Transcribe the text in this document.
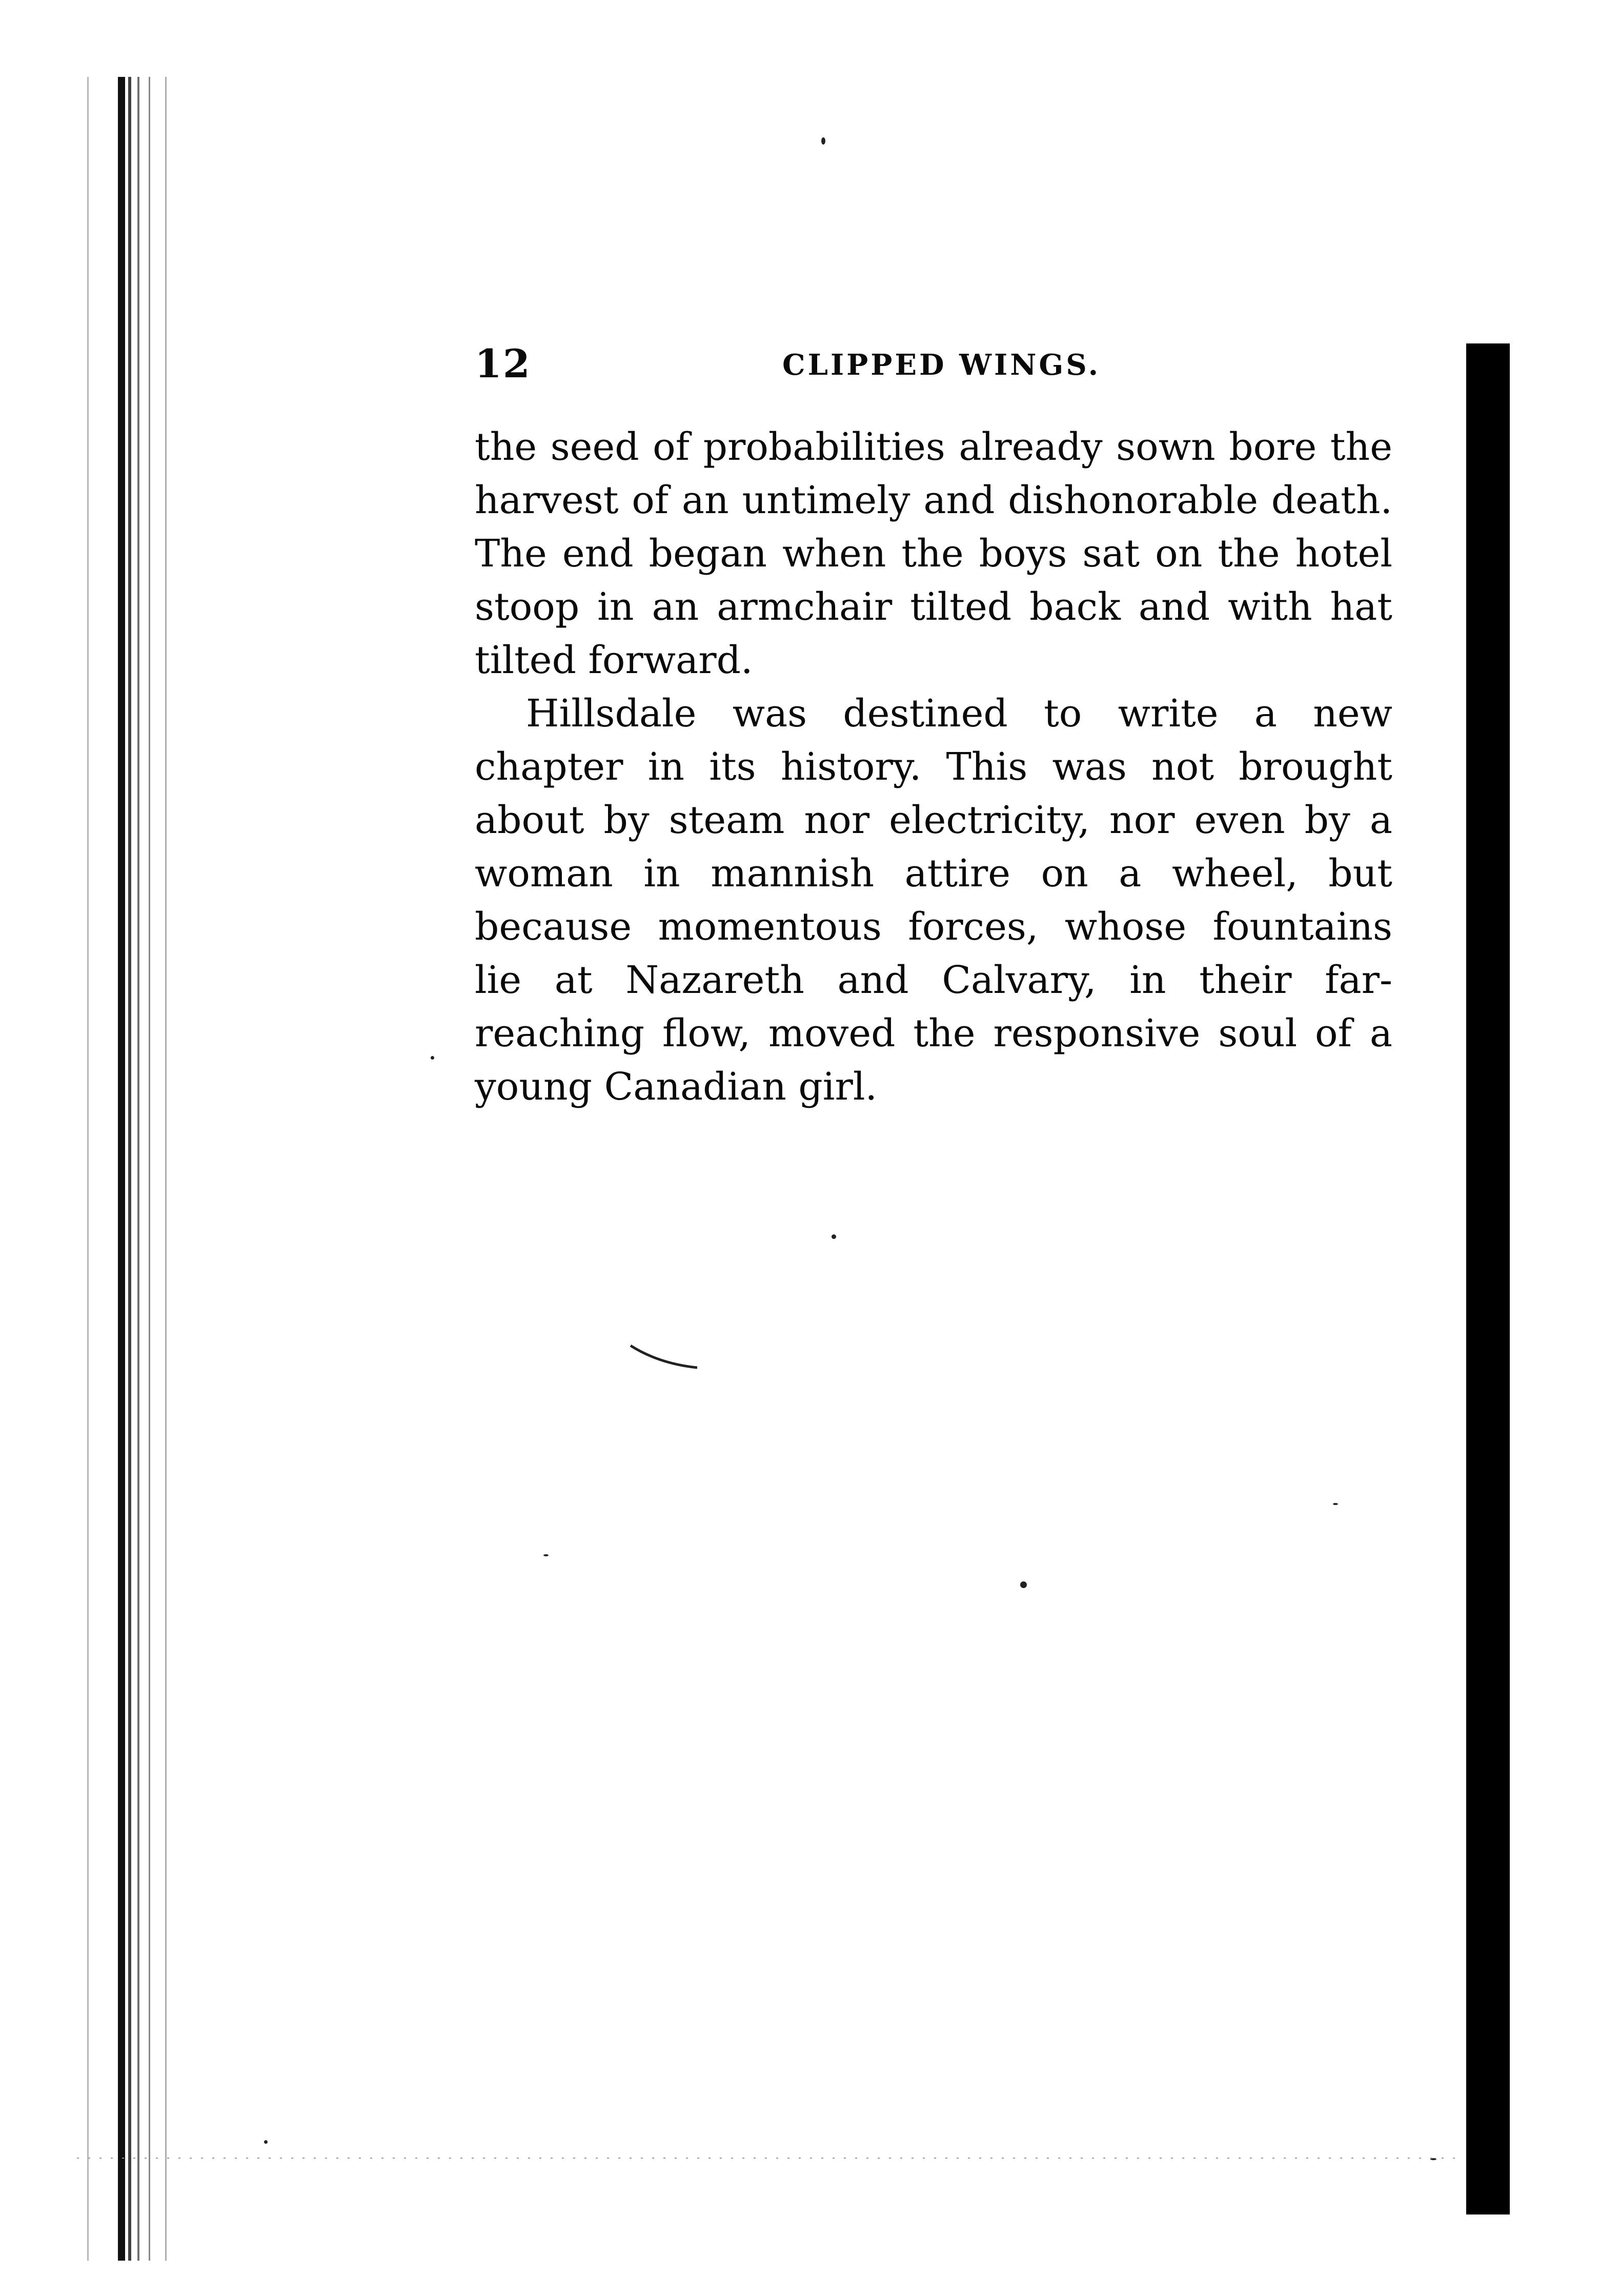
12	CLIPPED WINGS.

the seed of probabilities already sown bore the harvest of an untimely and dishonorable death. The end began when the boys sat on the hotel stoop in an armchair tilted back and with hat tilted forward.

Hillsdale was destined to write a new chapter in its history. This was not brought about by steam nor electricity, nor even by a woman in mannish attire on a wheel, but because momentous forces, whose fountains lie at Nazareth and Calvary, in their far-reaching flow, moved the responsive soul of a young Canadian girl.
